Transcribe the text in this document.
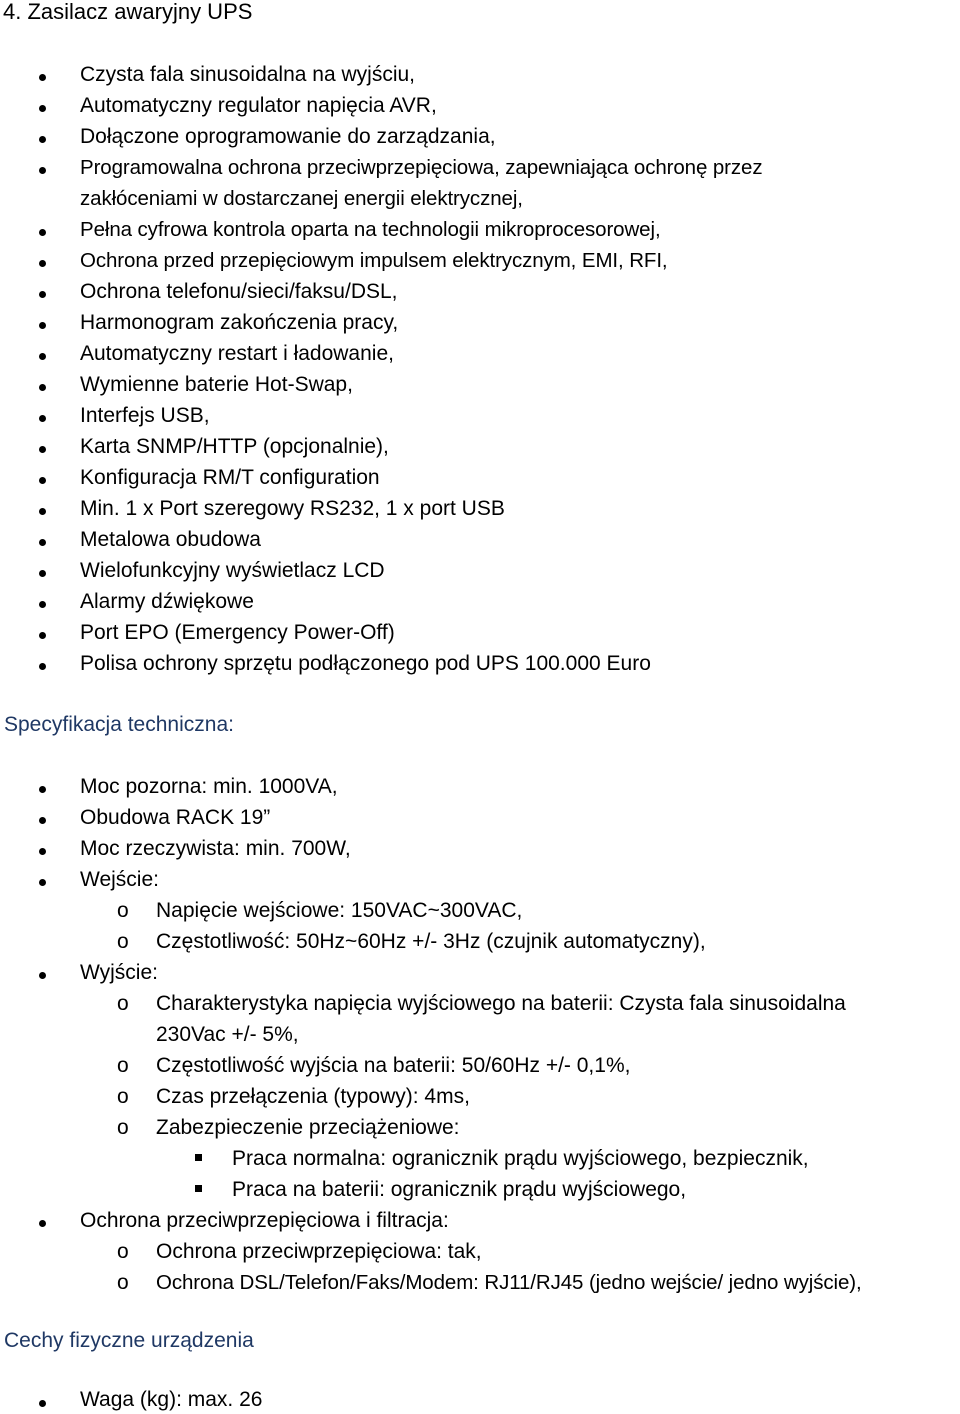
4. Zasilacz awaryjny UPS
Czysta fala sinusoidalna na wyjściu,
Automatyczny regulator napięcia AVR,
Dołączone oprogramowanie do zarządzania,
Programowalna ochrona przeciwprzepięciowa, zapewniająca ochronę przez
zakłóceniami w dostarczanej energii elektrycznej,
Pełna cyfrowa kontrola oparta na technologii mikroprocesorowej,
Ochrona przed przepięciowym impulsem elektrycznym, EMI, RFI,
Ochrona telefonu/sieci/faksu/DSL,
Harmonogram zakończenia pracy,
Automatyczny restart i ładowanie,
Wymienne baterie Hot-Swap,
Interfejs USB,
Karta SNMP/HTTP (opcjonalnie),
Konfiguracja RM/T configuration
Min. 1 x Port szeregowy RS232, 1 x port USB
Metalowa obudowa
Wielofunkcyjny wyświetlacz LCD
Alarmy dźwiękowe
Port EPO (Emergency Power-Off)
Polisa ochrony sprzętu podłączonego pod UPS 100.000 Euro
Specyfikacja techniczna:
Moc pozorna: min. 1000VA,
Obudowa RACK 19”
Moc rzeczywista: min. 700W,
Wejście:
o Napięcie wejściowe: 150VAC~300VAC,
o Częstotliwość: 50Hz~60Hz +/- 3Hz (czujnik automatyczny),
Wyjście:
o Charakterystyka napięcia wyjściowego na baterii: Czysta fala sinusoidalna
230Vac +/- 5%,
o Częstotliwość wyjścia na baterii: 50/60Hz +/- 0,1%,
o Czas przełączenia (typowy): 4ms,
o Zabezpieczenie przeciążeniowe:
Praca normalna: ogranicznik prądu wyjściowego, bezpiecznik,
Praca na baterii: ogranicznik prądu wyjściowego,
Ochrona przeciwprzepięciowa i filtracja:
o Ochrona przeciwprzepięciowa: tak,
o Ochrona DSL/Telefon/Faks/Modem: RJ11/RJ45 (jedno wejście/ jedno wyjście),
Cechy fizyczne urządzenia
Waga (kg): max. 26
